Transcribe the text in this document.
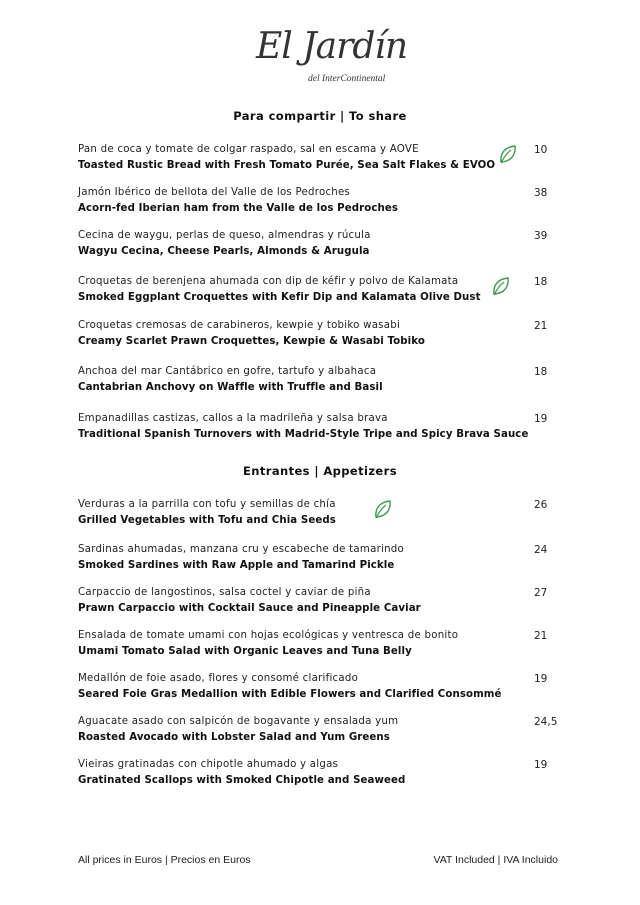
El Jardín
del InterContinental
Para compartir | To share
Pan de coca y tomate de colgar raspado, sal en escama y AOVE
Toasted Rustic Bread with Fresh Tomato Purée, Sea Salt Flakes & EVOO
10
Jamón Ibérico de bellota del Valle de los Pedroches
Acorn-fed Iberian ham from the Valle de los Pedroches
38
Cecina de waygu, perlas de queso, almendras y rúcula
Wagyu Cecina, Cheese Pearls, Almonds & Arugula
39
Croquetas de berenjena ahumada con dip de kéfir y polvo de Kalamata
Smoked Eggplant Croquettes with Kefir Dip and Kalamata Olive Dust
18
Croquetas cremosas de carabineros, kewpie y tobiko wasabi
Creamy Scarlet Prawn Croquettes, Kewpie & Wasabi Tobiko
21
Anchoa del mar Cantábrico en gofre, tartufo y albahaca
Cantabrian Anchovy on Waffle with Truffle and Basil
18
Empanadillas castizas, callos a la madrileña y salsa brava
Traditional Spanish Turnovers with Madrid-Style Tripe and Spicy Brava Sauce
19
Entrantes | Appetizers
Verduras a la parrilla con tofu y semillas de chía
Grilled Vegetables with Tofu and Chia Seeds
26
Sardinas ahumadas, manzana cru y escabeche de tamarindo
Smoked Sardines with Raw Apple and Tamarind Pickle
24
Carpaccio de langostinos, salsa coctel y caviar de piña
Prawn Carpaccio with Cocktail Sauce and Pineapple Caviar
27
Ensalada de tomate umami con hojas ecológicas y ventresca de bonito
Umami Tomato Salad with Organic Leaves and Tuna Belly
21
Medallón de foie asado, flores y consomé clarificado
Seared Foie Gras Medallion with Edible Flowers and Clarified Consommé
19
Aguacate asado con salpicón de bogavante y ensalada yum
Roasted Avocado with Lobster Salad and Yum Greens
24,5
Vieiras gratinadas con chipotle ahumado y algas
Gratinated Scallops with Smoked Chipotle and Seaweed
19
All prices in Euros | Precios en Euros	VAT Included | IVA Incluido
